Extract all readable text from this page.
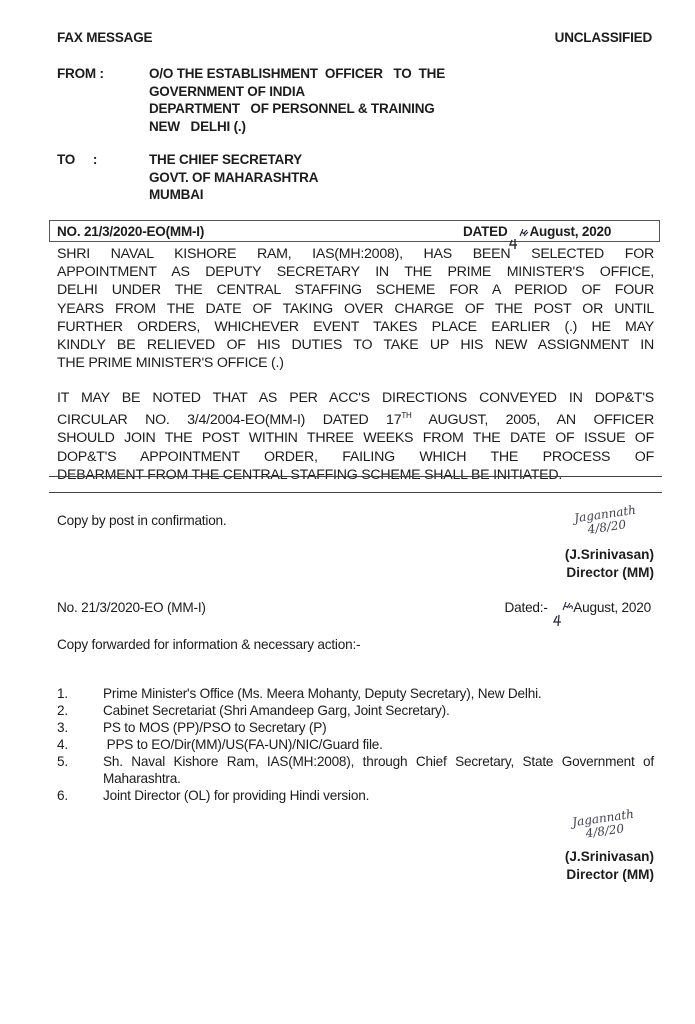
FAX MESSAGE	UNCLASSIFIED
FROM :	O/O THE ESTABLISHMENT  OFFICER   TO  THE
GOVERNMENT OF INDIA
DEPARTMENT   OF PERSONNEL & TRAINING
NEW   DELHI (.)
TO     :	THE CHIEF SECRETARY
GOVT. OF MAHARASHTRA
MUMBAI
NO. 21/3/2020-EO(MM-I)	DATED August, 2020
SHRI NAVAL KISHORE RAM, IAS(MH:2008), HAS BEEN SELECTED FOR
APPOINTMENT AS DEPUTY SECRETARY IN THE PRIME MINISTER'S OFFICE,
DELHI UNDER THE CENTRAL STAFFING SCHEME FOR A PERIOD OF FOUR
YEARS FROM THE DATE OF TAKING OVER CHARGE OF THE POST OR UNTIL
FURTHER ORDERS, WHICHEVER EVENT TAKES PLACE EARLIER (.) HE MAY
KINDLY BE RELIEVED OF HIS DUTIES TO TAKE UP HIS NEW ASSIGNMENT IN
THE PRIME MINISTER'S OFFICE (.)
IT MAY BE NOTED THAT AS PER ACC'S DIRECTIONS CONVEYED IN DOP&T'S
CIRCULAR NO. 3/4/2004-EO(MM-I) DATED 17TH AUGUST, 2005, AN OFFICER
SHOULD JOIN THE POST WITHIN THREE WEEKS FROM THE DATE OF ISSUE OF
DOP&T'S APPOINTMENT ORDER, FAILING WHICH THE PROCESS OF
DEBARMENT FROM THE CENTRAL STAFFING SCHEME SHALL BE INITIATED.
Copy by post in confirmation.	Jagannath 4/8/20
(J.Srinivasan)
Director (MM)
No. 21/3/2020-EO (MM-I)	Dated:- August, 2020
Copy forwarded for information & necessary action:-
1.	Prime Minister's Office (Ms. Meera Mohanty, Deputy Secretary), New Delhi.
2.	Cabinet Secretariat (Shri Amandeep Garg, Joint Secretary).
3.	PS to MOS (PP)/PSO to Secretary (P)
4.	PPS to EO/Dir(MM)/US(FA-UN)/NIC/Guard file.
5.	Sh. Naval Kishore Ram, IAS(MH:2008), through Chief Secretary, State Government of Maharashtra.
6.	Joint Director (OL) for providing Hindi version.
Jagannath 4/8/20
(J.Srinivasan)
Director (MM)
